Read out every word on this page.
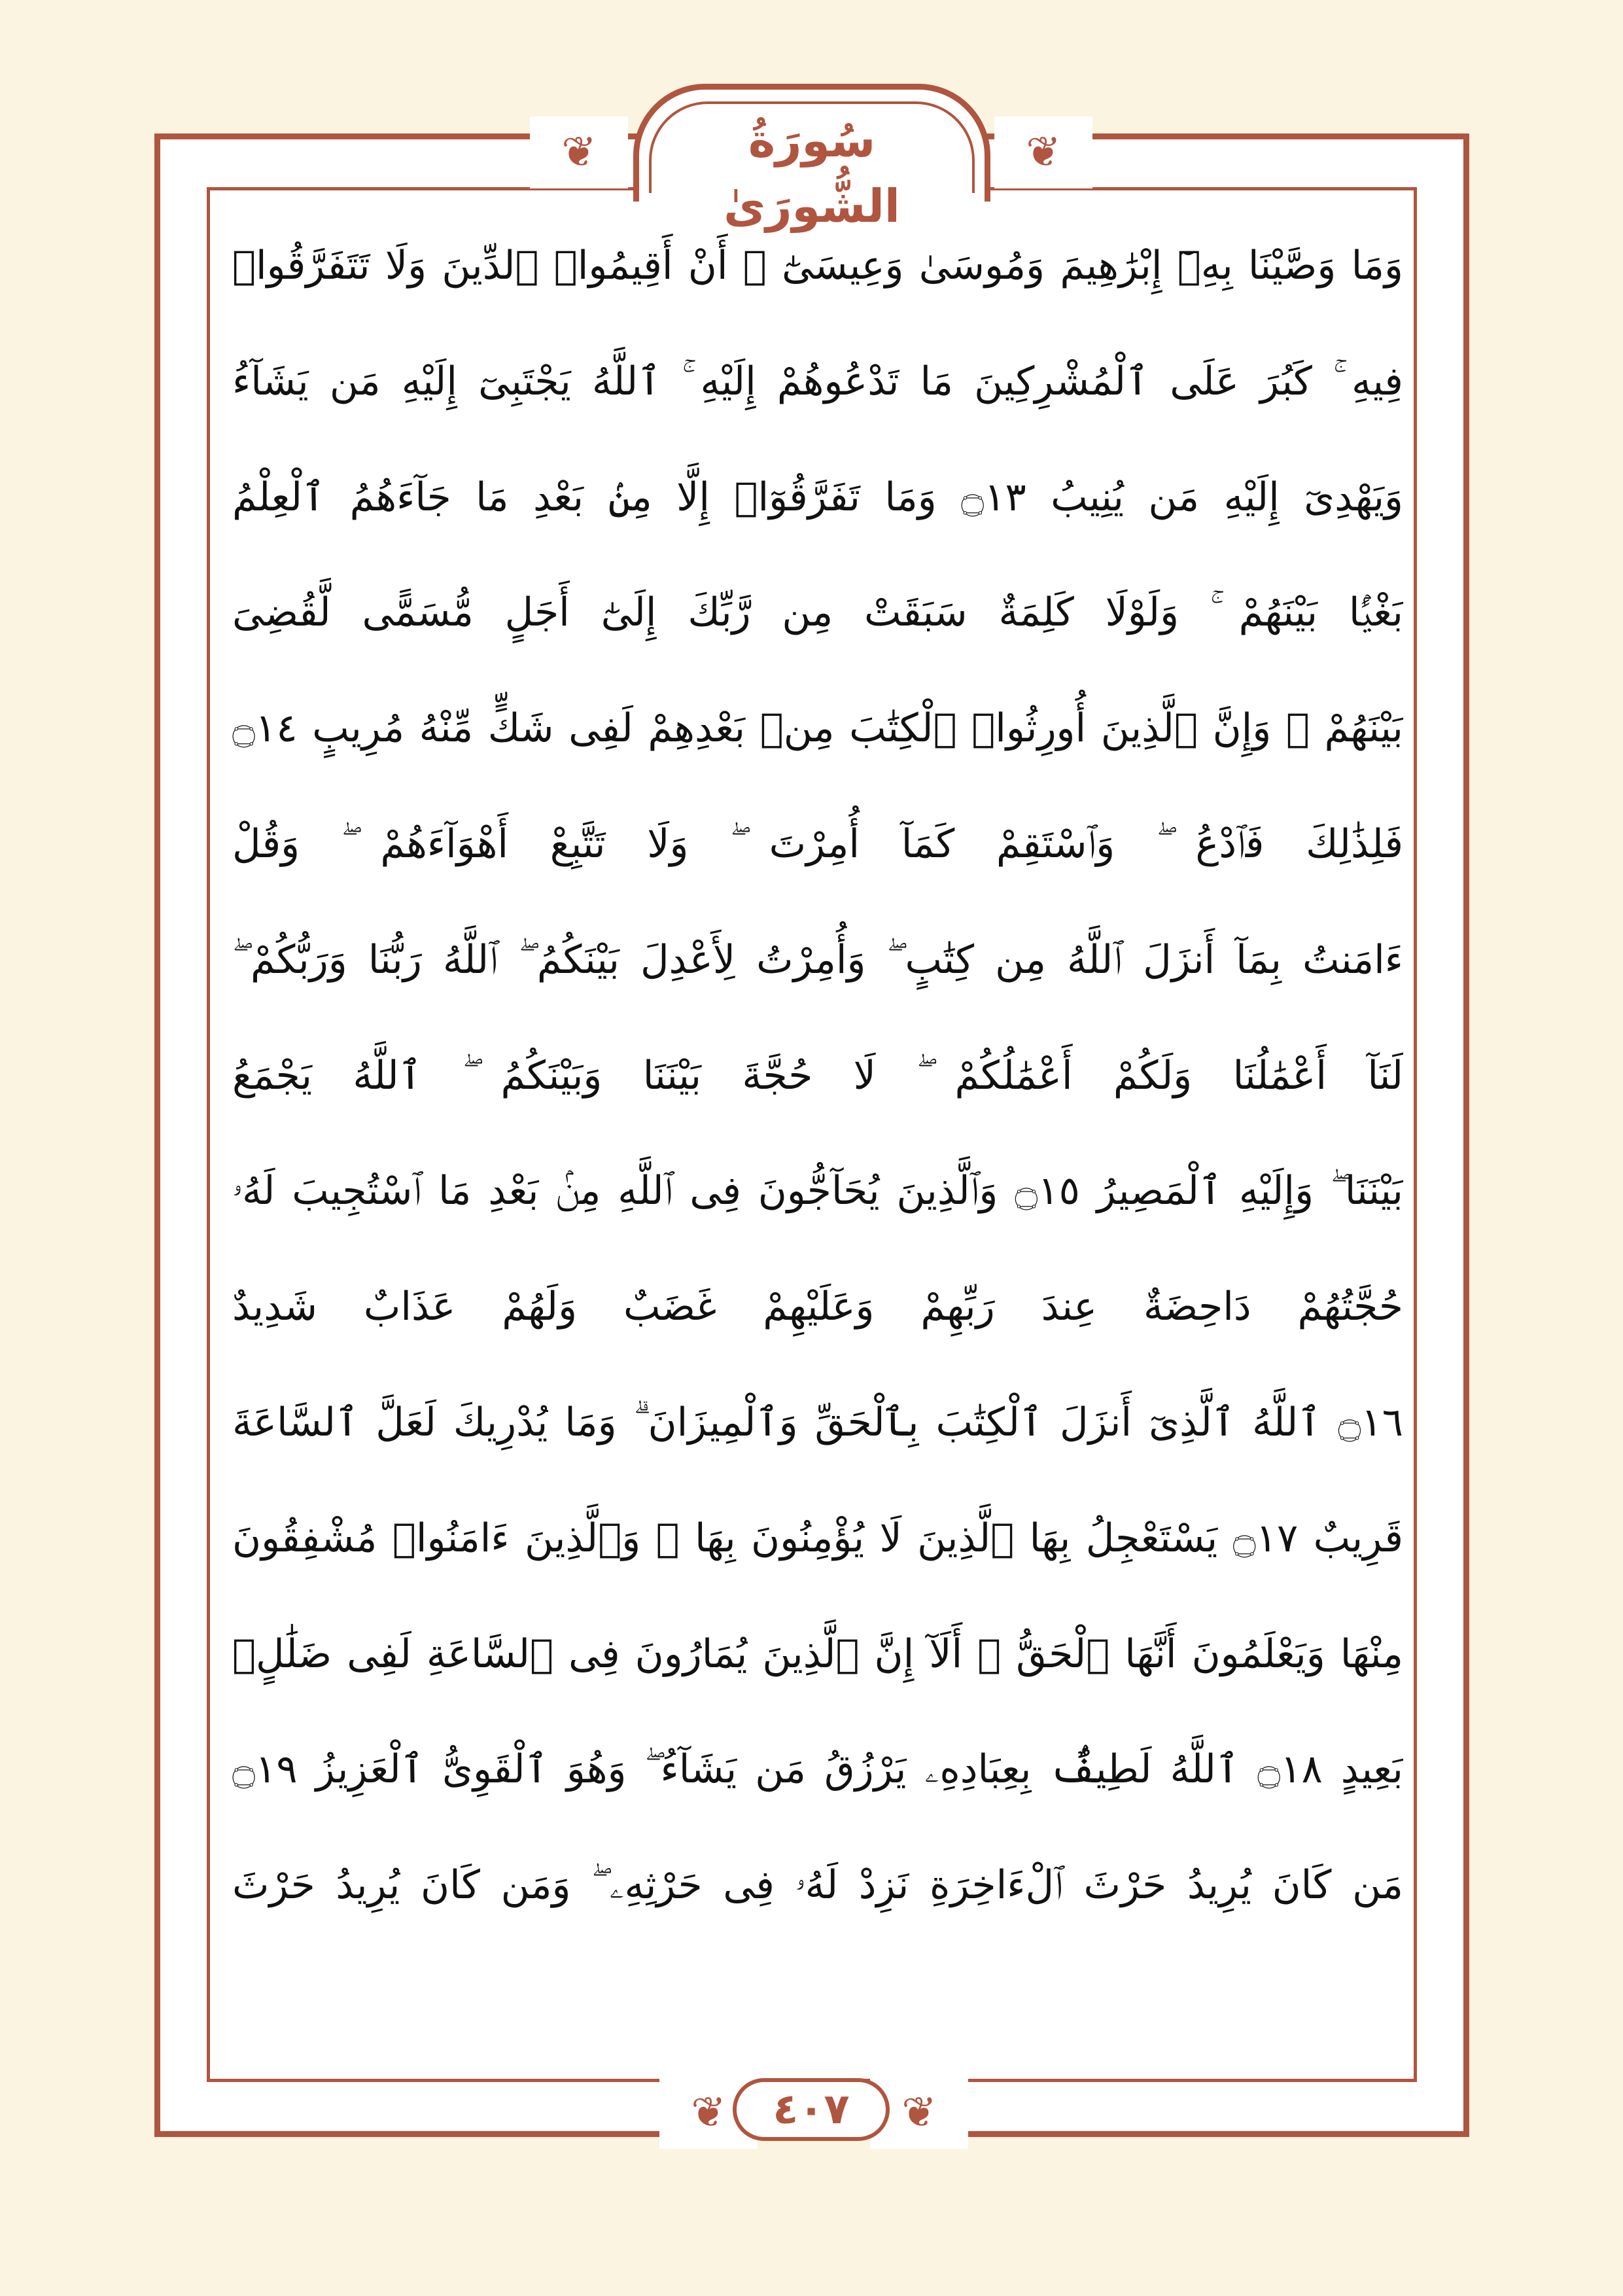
سُورَةُ الشُّورَىٰ
❦	❦
وَمَا وَصَّيْنَا بِهِۦٓ إِبْرَٰهِيمَ وَمُوسَىٰ وَعِيسَىٰٓ ۖ أَنْ أَقِيمُوا۟ ٱلدِّينَ وَلَا تَتَفَرَّقُوا۟
فِيهِ ۚ كَبُرَ عَلَى ٱلْمُشْرِكِينَ مَا تَدْعُوهُمْ إِلَيْهِ ۚ ٱللَّهُ يَجْتَبِىٓ إِلَيْهِ مَن يَشَآءُ
وَيَهْدِىٓ إِلَيْهِ مَن يُنِيبُ ۝١٣ وَمَا تَفَرَّقُوٓا۟ إِلَّا مِنۢ بَعْدِ مَا جَآءَهُمُ ٱلْعِلْمُ
بَغْيًۢا بَيْنَهُمْ ۚ وَلَوْلَا كَلِمَةٌ سَبَقَتْ مِن رَّبِّكَ إِلَىٰٓ أَجَلٍ مُّسَمًّى لَّقُضِىَ
بَيْنَهُمْ ۚ وَإِنَّ ٱلَّذِينَ أُورِثُوا۟ ٱلْكِتَٰبَ مِنۢ بَعْدِهِمْ لَفِى شَكٍّ مِّنْهُ مُرِيبٍ ۝١٤
فَلِذَٰلِكَ فَٱدْعُ ۖ وَٱسْتَقِمْ كَمَآ أُمِرْتَ ۖ وَلَا تَتَّبِعْ أَهْوَآءَهُمْ ۖ وَقُلْ
ءَامَنتُ بِمَآ أَنزَلَ ٱللَّهُ مِن كِتَٰبٍ ۖ وَأُمِرْتُ لِأَعْدِلَ بَيْنَكُمُ ۖ ٱللَّهُ رَبُّنَا وَرَبُّكُمْ ۖ
لَنَآ أَعْمَٰلُنَا وَلَكُمْ أَعْمَٰلُكُمْ ۖ لَا حُجَّةَ بَيْنَنَا وَبَيْنَكُمُ ۖ ٱللَّهُ يَجْمَعُ
بَيْنَنَا ۖ وَإِلَيْهِ ٱلْمَصِيرُ ۝١٥ وَٱلَّذِينَ يُحَآجُّونَ فِى ٱللَّهِ مِنۢ بَعْدِ مَا ٱسْتُجِيبَ لَهُۥ
حُجَّتُهُمْ دَاحِضَةٌ عِندَ رَبِّهِمْ وَعَلَيْهِمْ غَضَبٌ وَلَهُمْ عَذَابٌ شَدِيدٌ
۝١٦ ٱللَّهُ ٱلَّذِىٓ أَنزَلَ ٱلْكِتَٰبَ بِٱلْحَقِّ وَٱلْمِيزَانَ ۗ وَمَا يُدْرِيكَ لَعَلَّ ٱلسَّاعَةَ
قَرِيبٌ ۝١٧ يَسْتَعْجِلُ بِهَا ٱلَّذِينَ لَا يُؤْمِنُونَ بِهَا ۖ وَٱلَّذِينَ ءَامَنُوا۟ مُشْفِقُونَ
مِنْهَا وَيَعْلَمُونَ أَنَّهَا ٱلْحَقُّ ۗ أَلَآ إِنَّ ٱلَّذِينَ يُمَارُونَ فِى ٱلسَّاعَةِ لَفِى ضَلَٰلٍۭ
بَعِيدٍ ۝١٨ ٱللَّهُ لَطِيفٌۢ بِعِبَادِهِۦ يَرْزُقُ مَن يَشَآءُ ۖ وَهُوَ ٱلْقَوِىُّ ٱلْعَزِيزُ ۝١٩
مَن كَانَ يُرِيدُ حَرْثَ ٱلْءَاخِرَةِ نَزِدْ لَهُۥ فِى حَرْثِهِۦ ۖ وَمَن كَانَ يُرِيدُ حَرْثَ
❦	❦
٤٠٧
